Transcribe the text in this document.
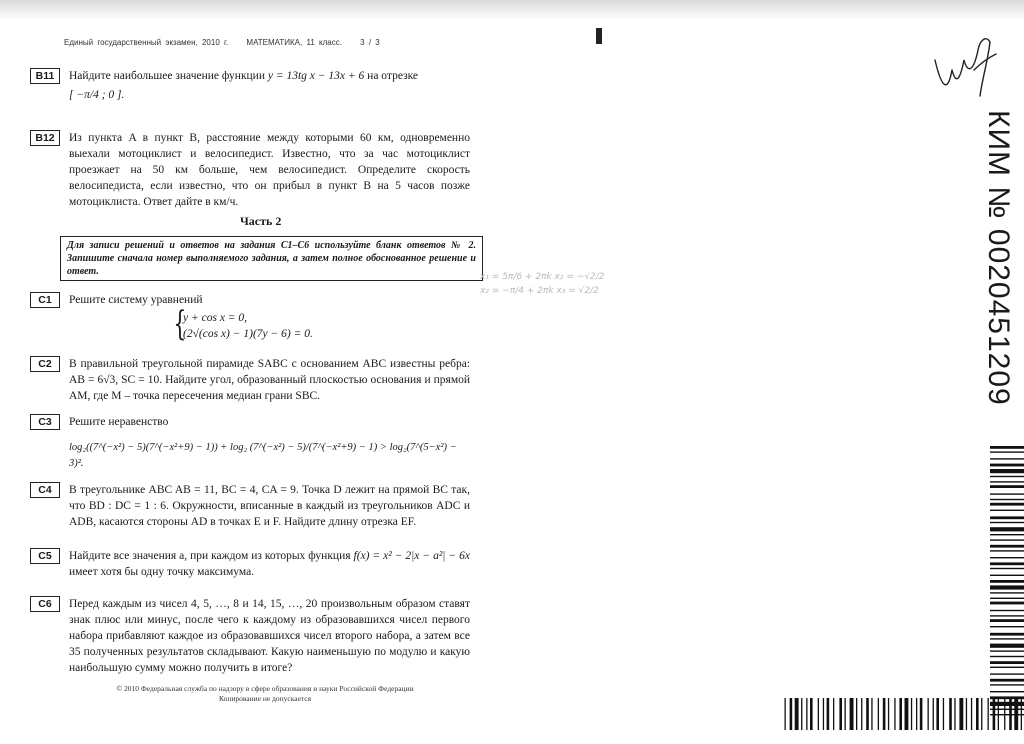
Единый государственный экзамен, 2010 г. МАТЕМАТИКА, 11 класс. 3 / 3
B11	Найдите наибольшее значение функции y = 13tg x − 13x + 6 на отрезке
[ −π/4 ; 0 ].
B12	Из пункта A в пункт B, расстояние между которыми 60 км, одновременно выехали мотоциклист и велосипедист. Известно, что за час мотоциклист проезжает на 50 км больше, чем велосипедист. Определите скорость велосипедиста, если известно, что он прибыл в пункт B на 5 часов позже мотоциклиста. Ответ дайте в км/ч.
Часть 2
Для записи решений и ответов на задания С1–С6 используйте бланк ответов № 2. Запишите сначала номер выполняемого задания, а затем полное обоснованное решение и ответ.
C1	Решите систему уравнений
{
y + cos x = 0,
(2√(cos x) − 1)(7y − 6) = 0.
C2	В правильной треугольной пирамиде SABC с основанием ABC известны ребра: AB = 6√3, SC = 10. Найдите угол, образованный плоскостью основания и прямой AM, где M – точка пересечения медиан грани SBC.
C3	Решите неравенство
log₂((7^(−x²) − 5)(7^(−x²+9) − 1)) + log₂ (7^(−x²) − 5)/(7^(−x²+9) − 1) > log₂(7^(5−x²) − 3)².
C4	В треугольнике ABC AB = 11, BC = 4, CA = 9. Точка D лежит на прямой BC так, что BD : DC = 1 : 6. Окружности, вписанные в каждый из треугольников ADC и ADB, касаются стороны AD в точках E и F. Найдите длину отрезка EF.
C5	Найдите все значения a, при каждом из которых функция f(x) = x² − 2|x − a²| − 6x имеет хотя бы одну точку максимума.
C6	Перед каждым из чисел 4, 5, …, 8 и 14, 15, …, 20 произвольным образом ставят знак плюс или минус, после чего к каждому из образовавшихся чисел первого набора прибавляют каждое из образовавшихся чисел второго набора, а затем все 35 полученных результатов складывают. Какую наименьшую по модулю и какую наибольшую сумму можно получить в итоге?
© 2010 Федеральная служба по надзору в сфере образования и науки Российской Федерации
Копирование не допускается
x₁ = 5π/6 + 2πk x₂ = −√2/2
x₂ = −π/4 + 2πk x₃ = √2/2	КИМ № 0020451209
